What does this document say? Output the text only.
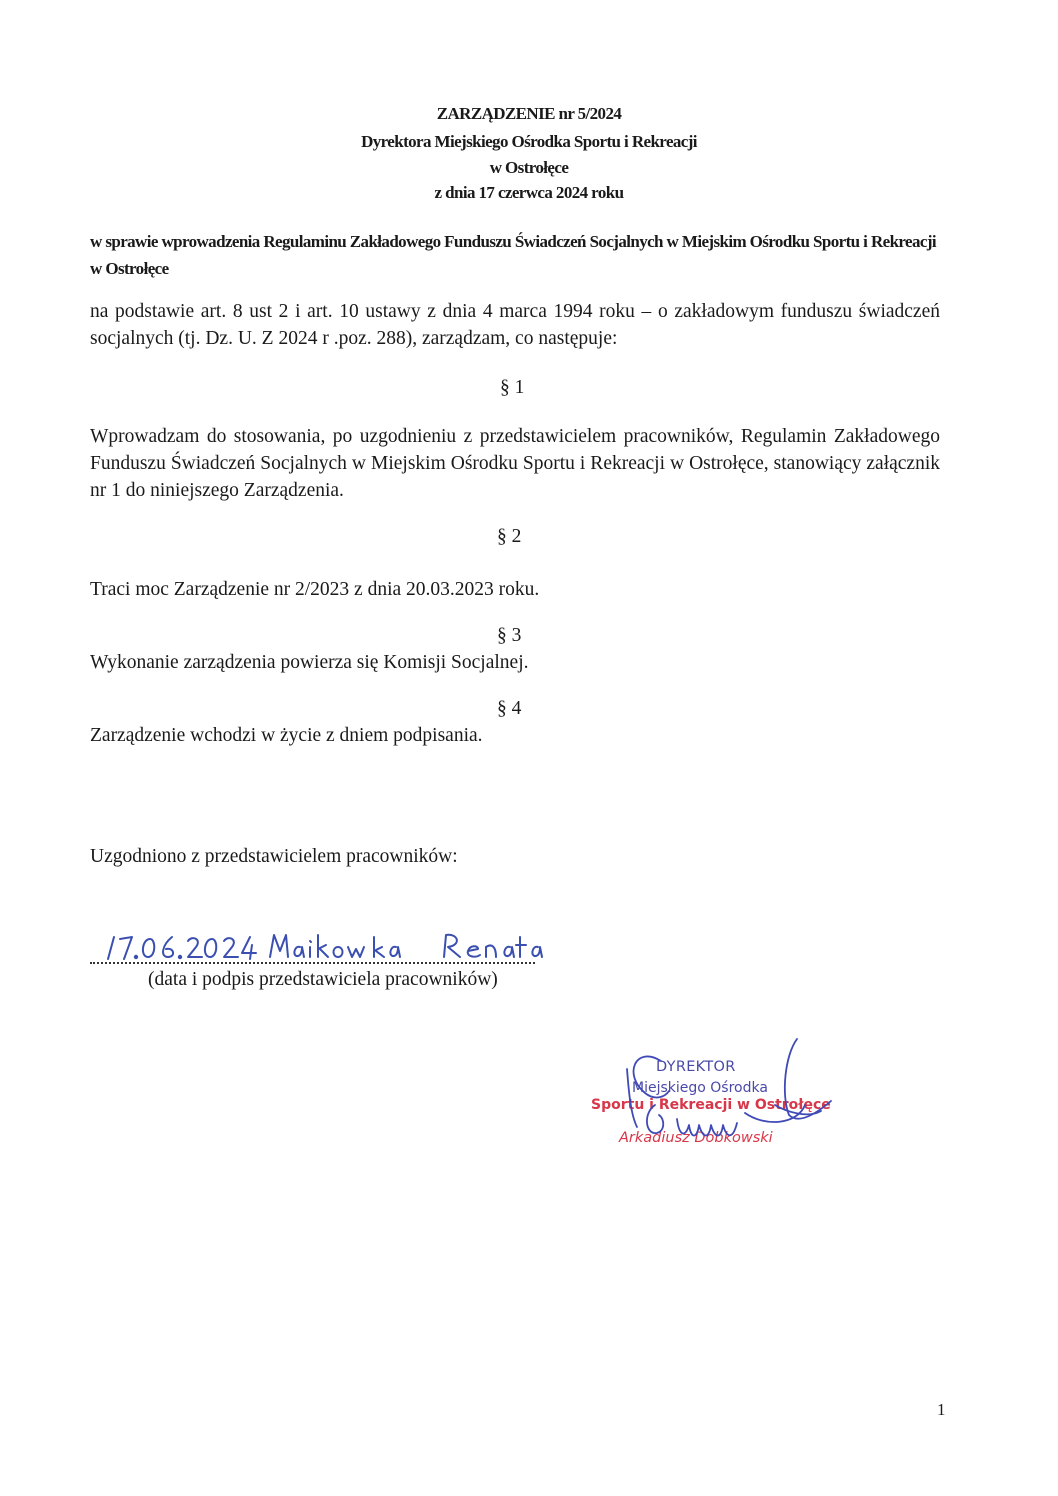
ZARZĄDZENIE nr 5/2024
Dyrektora Miejskiego Ośrodka Sportu i Rekreacji
w Ostrołęce
z dnia 17 czerwca 2024 roku
w sprawie wprowadzenia Regulaminu Zakładowego Funduszu Świadczeń Socjalnych w Miejskim Ośrodku Sportu i Rekreacji w Ostrołęce
na podstawie art. 8 ust 2 i art. 10 ustawy z dnia 4 marca 1994 roku – o zakładowym funduszu świadczeń socjalnych (tj. Dz. U. Z 2024 r .poz. 288), zarządzam, co następuje:
§ 1
Wprowadzam do stosowania, po uzgodnieniu z przedstawicielem pracowników, Regulamin Zakładowego Funduszu Świadczeń Socjalnych w Miejskim Ośrodku Sportu i Rekreacji w Ostrołęce, stanowiący załącznik nr 1 do niniejszego Zarządzenia.
§ 2
Traci moc Zarządzenie nr 2/2023 z dnia 20.03.2023 roku.
§ 3
Wykonanie zarządzenia powierza się Komisji Socjalnej.
§ 4
Zarządzenie wchodzi w życie z dniem podpisania.
Uzgodniono z przedstawicielem pracowników:
(data i podpis przedstawiciela pracowników)
DYREKTOR
Miejskiego Ośrodka
Sportu i Rekreacji w Ostrołęce
Arkadiusz Dobkowski
1
